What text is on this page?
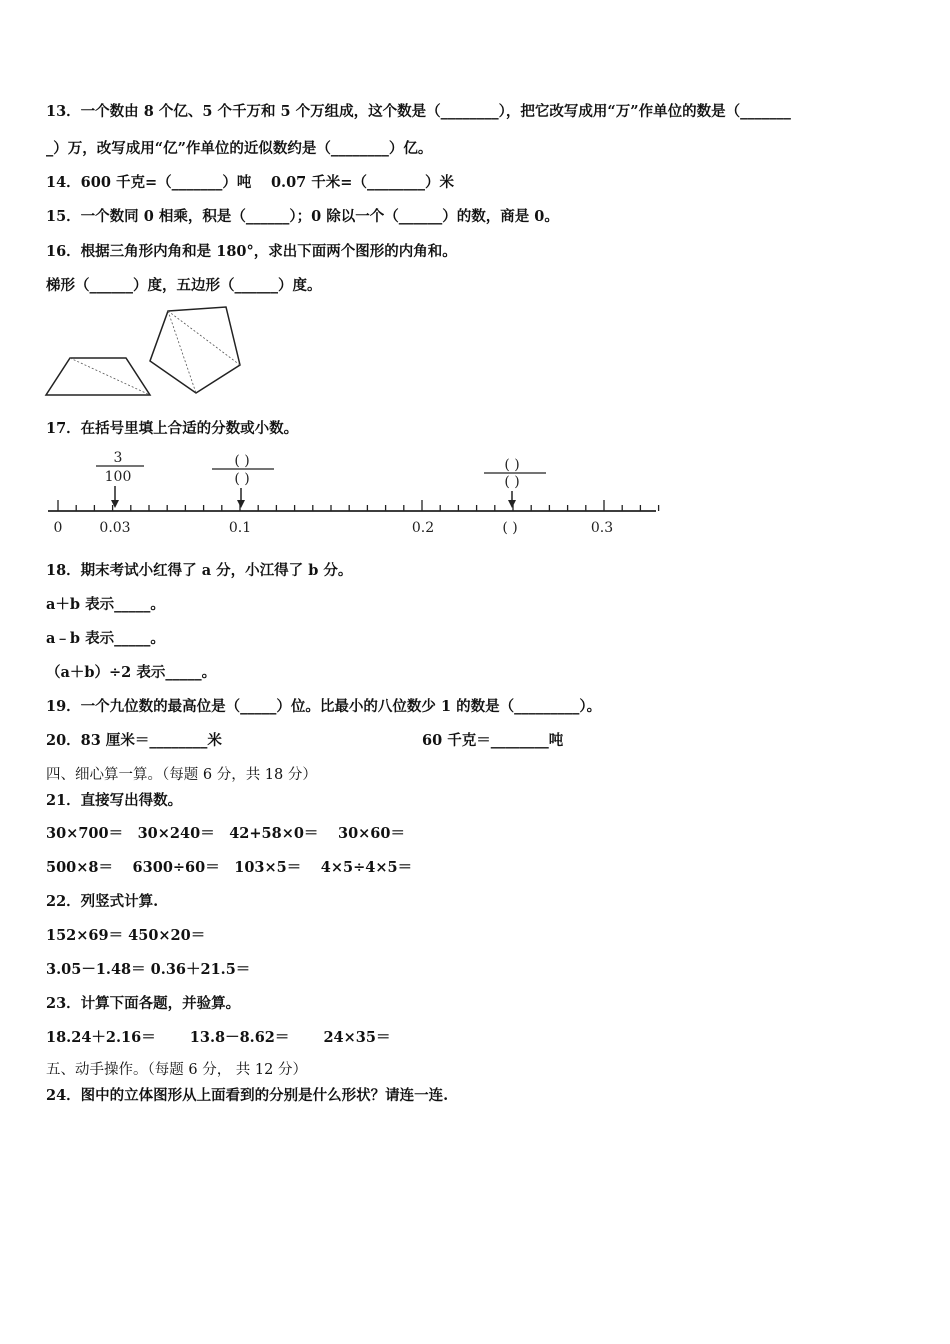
13．一个数由 8 个亿、5 个千万和 5 个万组成，这个数是（________），把它改写成用“万”作单位的数是（_______
_）万，改写成用“亿”作单位的近似数约是（________）亿。
14．600 千克=（_______）吨　 0.07 千米=（________）米
15．一个数同 0 相乘，积是（______）；0 除以一个（______）的数，商是 0。
16．根据三角形内角和是 180°，求出下面两个图形的内角和。
梯形（______）度，五边形（______）度。
17．在括号里填上合适的分数或小数。
3
100
( )
( )
( )
( )
0	0.03	0.1	0.2	( )	0.3
18．期末考试小红得了 a 分，小江得了 b 分。
a＋b 表示_____。
a﹣b 表示_____。
（a＋b）÷2 表示_____。
19．一个九位数的最高位是（_____）位。比最小的八位数少 1 的数是（_________）。
20．83 厘米＝________米	60 千克＝________吨
四、细心算一算。（每题 6 分，共 18 分）
21．直接写出得数。
30×700＝　30×240＝　42+58×0＝　 30×60＝
500×8＝　 6300÷60＝　103×5＝　 4×5÷4×5＝
22．列竖式计算.
152×69＝ 450×20＝
3.05－1.48＝ 0.36＋21.5＝
23．计算下面各题，并验算。
18.24＋2.16＝　　 13.8－8.62＝　　 24×35＝
五、动手操作。（每题 6 分， 共 12 分）
24．图中的立体图形从上面看到的分别是什么形状？请连一连.
